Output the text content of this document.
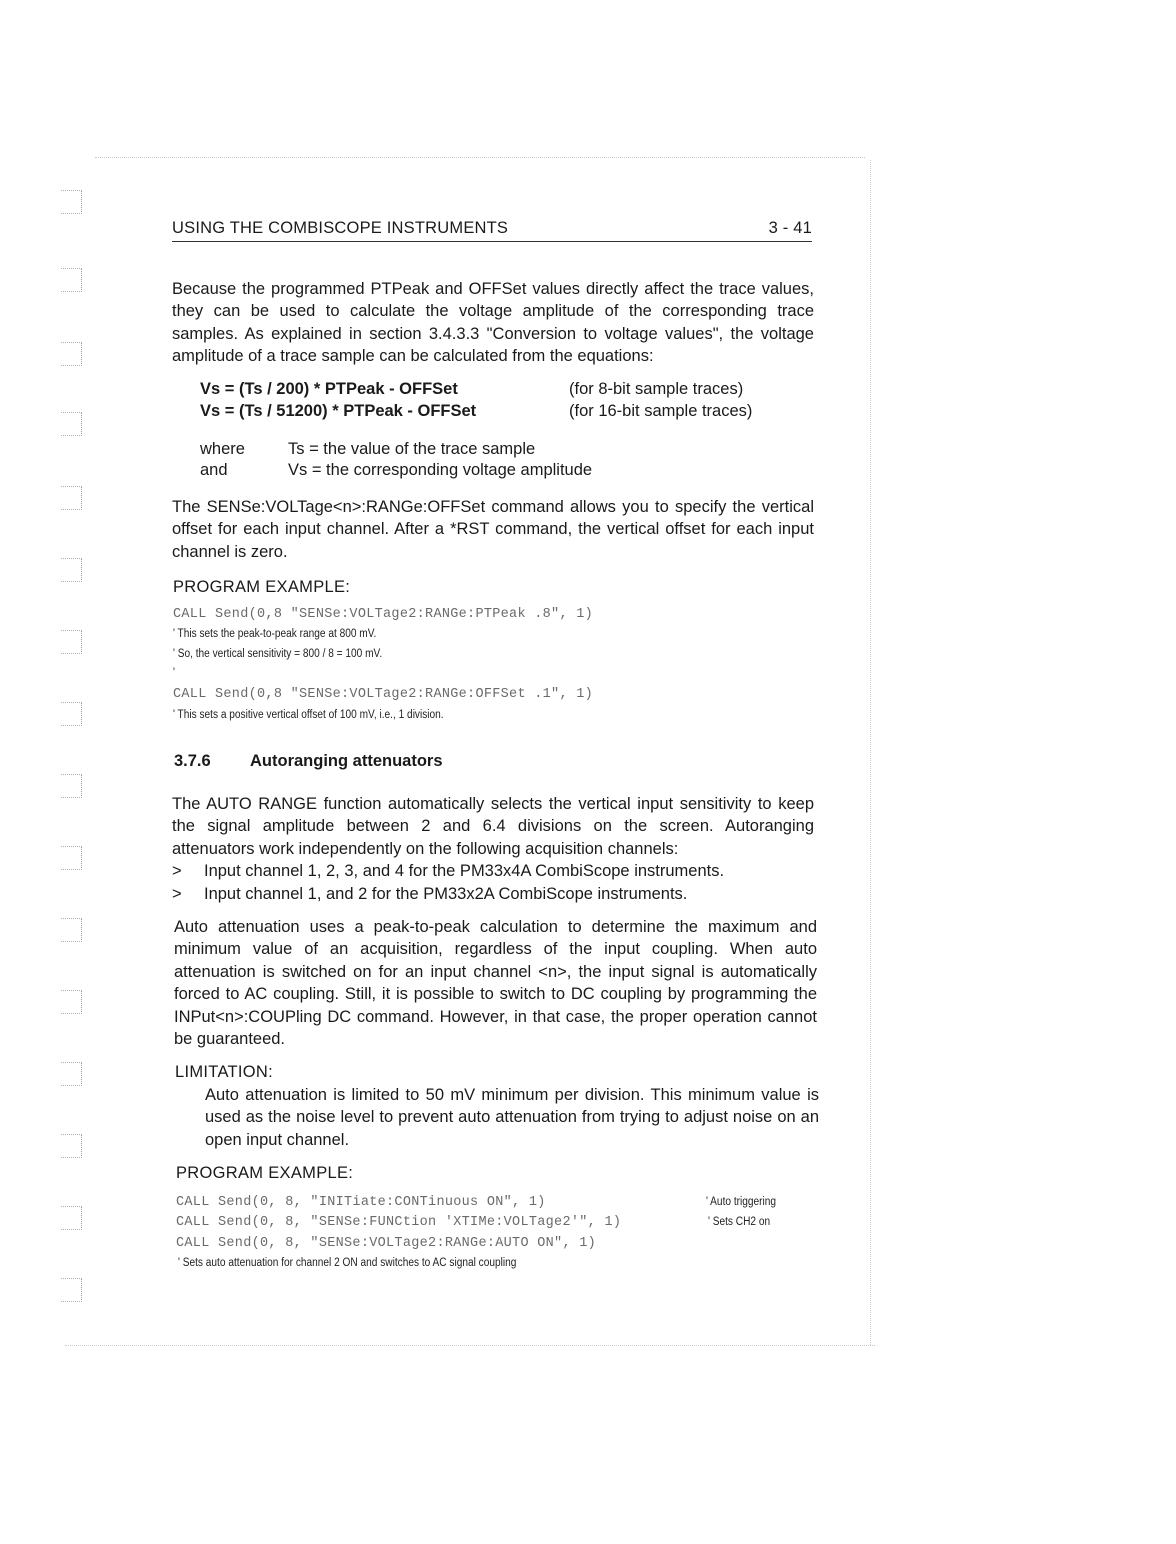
USING THE COMBISCOPE INSTRUMENTS	3 - 41
Because the programmed PTPeak and OFFSet values directly affect the trace values, they can be used to calculate the voltage amplitude of the corresponding trace samples. As explained in section 3.4.3.3 "Conversion to voltage values", the voltage amplitude of a trace sample can be calculated from the equations:
Vs = (Ts / 200) * PTPeak - OFFSet	(for 8-bit sample traces)
Vs = (Ts / 51200) * PTPeak - OFFSet	(for 16-bit sample traces)
where	Ts = the value of the trace sample
and	Vs = the corresponding voltage amplitude
The SENSe:VOLTage<n>:RANGe:OFFSet command allows you to specify the vertical offset for each input channel. After a *RST command, the vertical offset for each input channel is zero.
PROGRAM EXAMPLE:
CALL Send(0,8 "SENSe:VOLTage2:RANGe:PTPeak .8", 1)
' This sets the peak-to-peak range at 800 mV.
' So, the vertical sensitivity = 800 / 8 = 100 mV.
'
CALL Send(0,8 "SENSe:VOLTage2:RANGe:OFFSet .1", 1)
' This sets a positive vertical offset of 100 mV, i.e., 1 division.
3.7.6 Autoranging attenuators

The AUTO RANGE function automatically selects the vertical input sensitivity to keep the signal amplitude between 2 and 6.4 divisions on the screen. Autoranging attenuators work independently on the following acquisition channels:

> Input channel 1, 2, 3, and 4 for the PM33x4A CombiScope instruments.
> Input channel 1, and 2 for the PM33x2A CombiScope instruments.
Auto attenuation uses a peak-to-peak calculation to determine the maximum and minimum value of an acquisition, regardless of the input coupling. When auto attenuation is switched on for an input channel <n>, the input signal is automatically forced to AC coupling. Still, it is possible to switch to DC coupling by programming the INPut<n>:COUPling DC command. However, in that case, the proper operation cannot be guaranteed.
LIMITATION:
Auto attenuation is limited to 50 mV minimum per division. This minimum value is used as the noise level to prevent auto attenuation from trying to adjust noise on an open input channel.
PROGRAM EXAMPLE:
CALL Send(0, 8, "INITiate:CONTinuous ON", 1)	' Auto triggering
CALL Send(0, 8, "SENSe:FUNCtion 'XTIMe:VOLTage2'", 1)	' Sets CH2 on
CALL Send(0, 8, "SENSe:VOLTage2:RANGe:AUTO ON", 1)
' Sets auto attenuation for channel 2 ON and switches to AC signal coupling
